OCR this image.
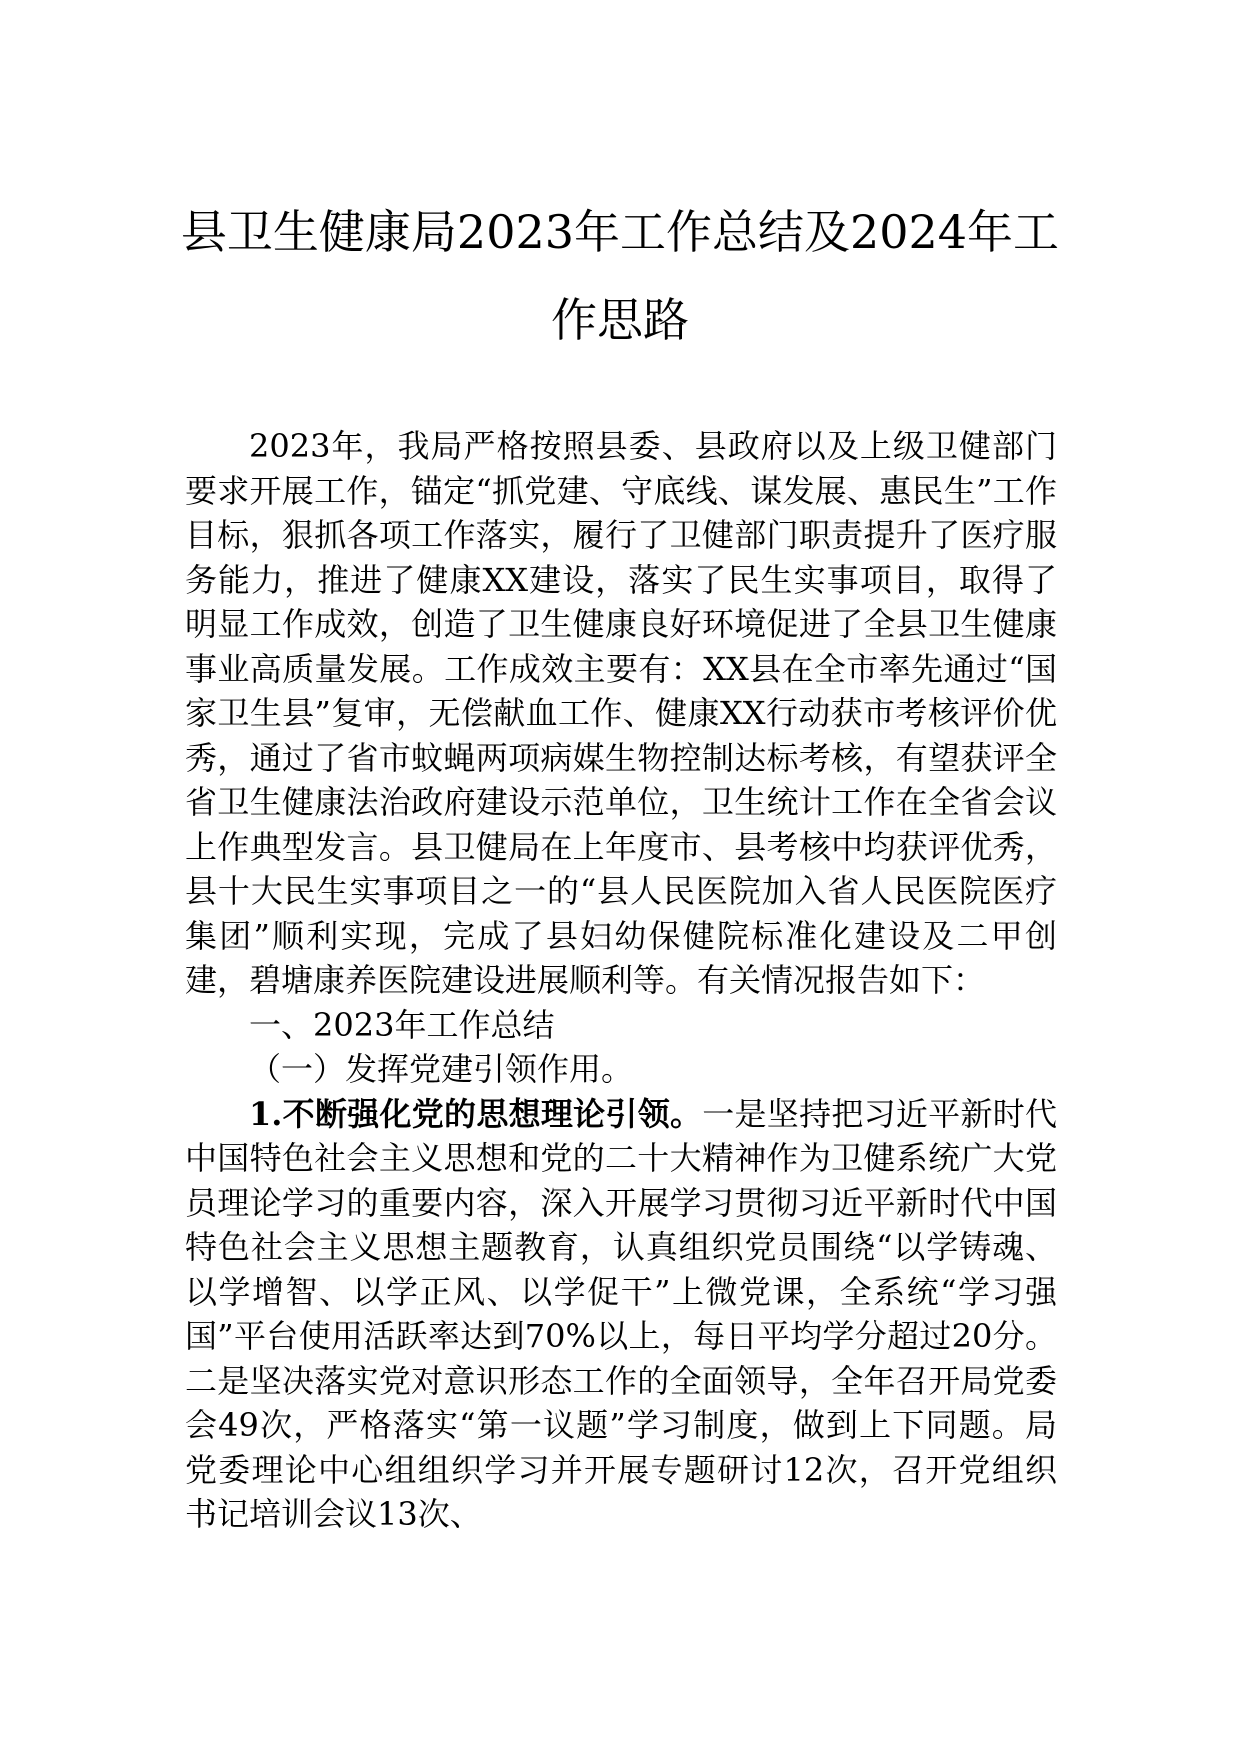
县卫生健康局2023年工作总结及2024年工作思路

2023年，我局严格按照县委、县政府以及上级卫健部门要求开展工作，锚定“抓党建、守底线、谋发展、惠民生”工作目标，狠抓各项工作落实，履行了卫健部门职责提升了医疗服务能力，推进了健康XX建设，落实了民生实事项目，取得了明显工作成效，创造了卫生健康良好环境促进了全县卫生健康事业高质量发展。工作成效主要有：XX县在全市率先通过“国家卫生县”复审，无偿献血工作、健康XX行动获市考核评价优秀，通过了省市蚊蝇两项病媒生物控制达标考核，有望获评全省卫生健康法治政府建设示范单位，卫生统计工作在全省会议上作典型发言。县卫健局在上年度市、县考核中均获评优秀，县十大民生实事项目之一的“县人民医院加入省人民医院医疗集团”顺利实现，完成了县妇幼保健院标准化建设及二甲创建，碧塘康养医院建设进展顺利等。有关情况报告如下：

一、2023年工作总结

（一）发挥党建引领作用。

1.不断强化党的思想理论引领。一是坚持把习近平新时代中国特色社会主义思想和党的二十大精神作为卫健系统广大党员理论学习的重要内容，深入开展学习贯彻习近平新时代中国特色社会主义思想主题教育，认真组织党员围绕“以学铸魂、以学增智、以学正风、以学促干”上微党课，全系统“学习强国”平台使用活跃率达到70%以上，每日平均学分超过20分。二是坚决落实党对意识形态工作的全面领导，全年召开局党委会49次，严格落实“第一议题”学习制度，做到上下同题。局党委理论中心组组织学习并开展专题研讨12次，召开党组织书记培训会议13次、
